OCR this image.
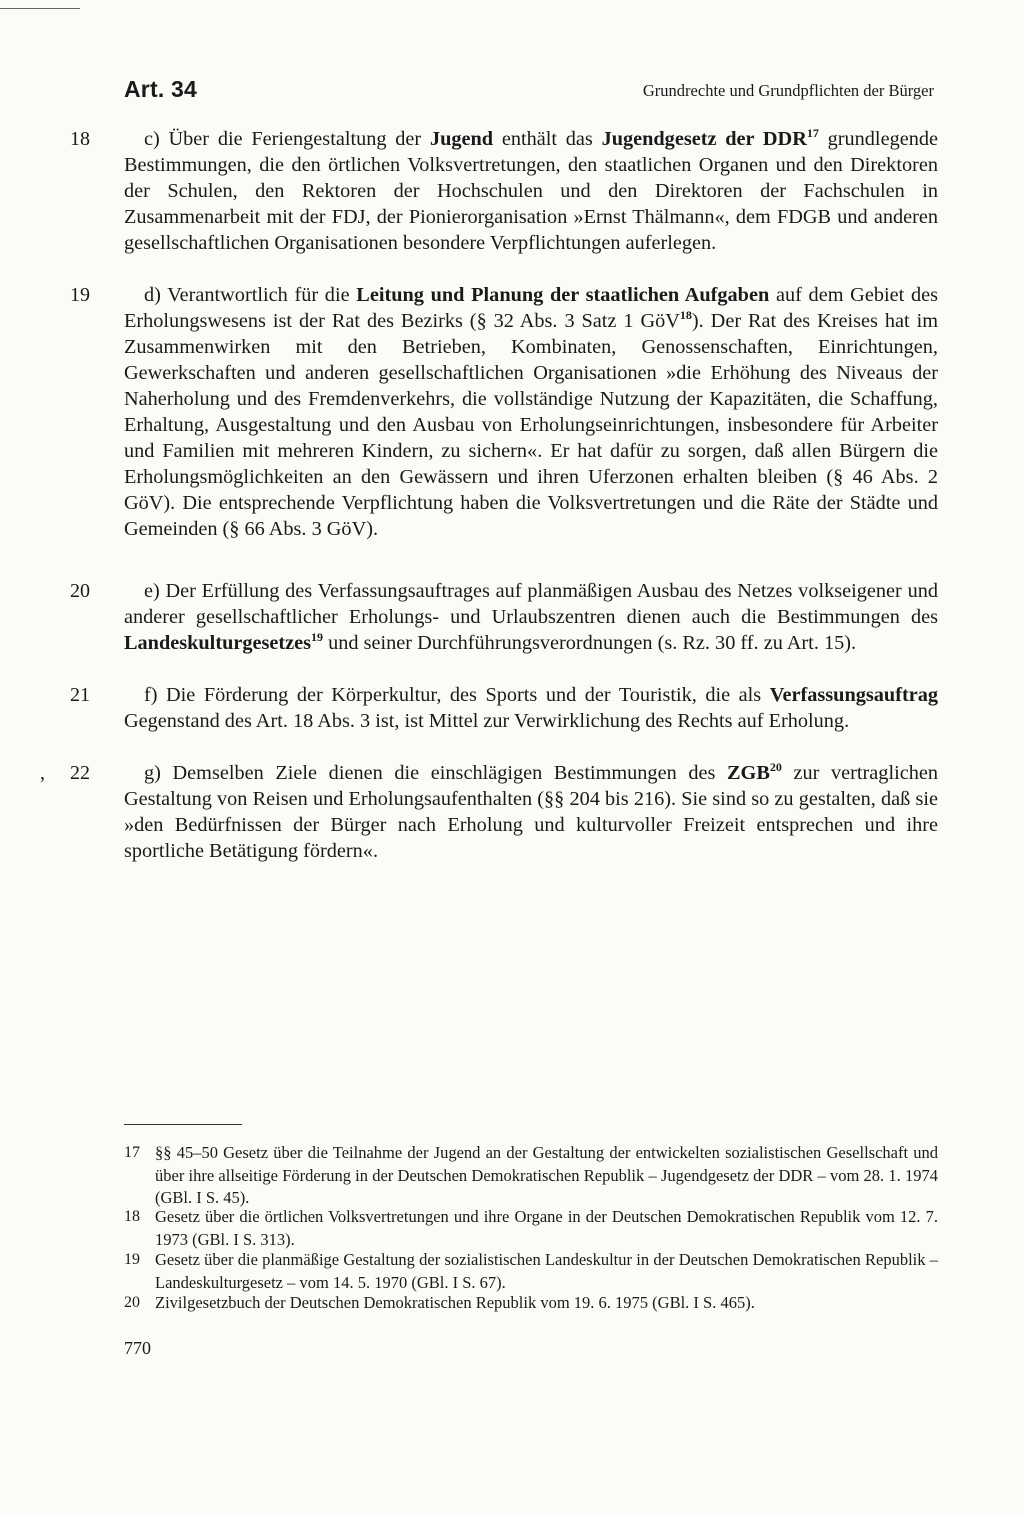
Art. 34	Grundrechte und Grundpflichten der Bürger
18	c) Über die Feriengestaltung der Jugend enthält das Jugendgesetz der DDR$^{17}$ grundlegende Bestimmungen, die den örtlichen Volksvertretungen, den staatlichen Organen und den Direktoren der Schulen, den Rektoren der Hochschulen und den Direktoren der Fachschulen in Zusammenarbeit mit der FDJ, der Pionierorganisation »Ernst Thälmann«, dem FDGB und anderen gesellschaftlichen Organisationen besondere Verpflichtungen auferlegen.

19	d) Verantwortlich für die Leitung und Planung der staatlichen Aufgaben auf dem Gebiet des Erholungswesens ist der Rat des Bezirks (§ 32 Abs. 3 Satz 1 GöV$^{18}$). Der Rat des Kreises hat im Zusammenwirken mit den Betrieben, Kombinaten, Genossenschaften, Einrichtungen, Gewerkschaften und anderen gesellschaftlichen Organisationen »die Erhöhung des Niveaus der Naherholung und des Fremdenverkehrs, die vollständige Nutzung der Kapazitäten, die Schaffung, Erhaltung, Ausgestaltung und den Ausbau von Erholungseinrichtungen, insbesondere für Arbeiter und Familien mit mehreren Kindern, zu sichern«. Er hat dafür zu sorgen, daß allen Bürgern die Erholungsmöglichkeiten an den Gewässern und ihren Uferzonen erhalten bleiben (§ 46 Abs. 2 GöV). Die entsprechende Verpflichtung haben die Volksvertretungen und die Räte der Städte und Gemeinden (§ 66 Abs. 3 GöV).

20	e) Der Erfüllung des Verfassungsauftrages auf planmäßigen Ausbau des Netzes volkseigener und anderer gesellschaftlicher Erholungs- und Urlaubszentren dienen auch die Bestimmungen des Landeskulturgesetzes$^{19}$ und seiner Durchführungsverordnungen (s. Rz. 30 ff. zu Art. 15).

21	f) Die Förderung der Körperkultur, des Sports und der Touristik, die als Verfassungsauftrag Gegenstand des Art. 18 Abs. 3 ist, ist Mittel zur Verwirklichung des Rechts auf Erholung.

, 22	g) Demselben Ziele dienen die einschlägigen Bestimmungen des ZGB$^{20}$ zur vertraglichen Gestaltung von Reisen und Erholungsaufenthalten (§§ 204 bis 216). Sie sind so zu gestalten, daß sie »den Bedürfnissen der Bürger nach Erholung und kulturvoller Freizeit entsprechen und ihre sportliche Betätigung fördern«.

17 §§ 45–50 Gesetz über die Teilnahme der Jugend an der Gestaltung der entwickelten sozialistischen Gesellschaft und über ihre allseitige Förderung in der Deutschen Demokratischen Republik – Jugendgesetz der DDR – vom 28. 1. 1974 (GBl. I S. 45).

18 Gesetz über die örtlichen Volksvertretungen und ihre Organe in der Deutschen Demokratischen Republik vom 12. 7. 1973 (GBl. I S. 313).

19 Gesetz über die planmäßige Gestaltung der sozialistischen Landeskultur in der Deutschen Demokratischen Republik – Landeskulturgesetz – vom 14. 5. 1970 (GBl. I S. 67).

20 Zivilgesetzbuch der Deutschen Demokratischen Republik vom 19. 6. 1975 (GBl. I S. 465).

770
